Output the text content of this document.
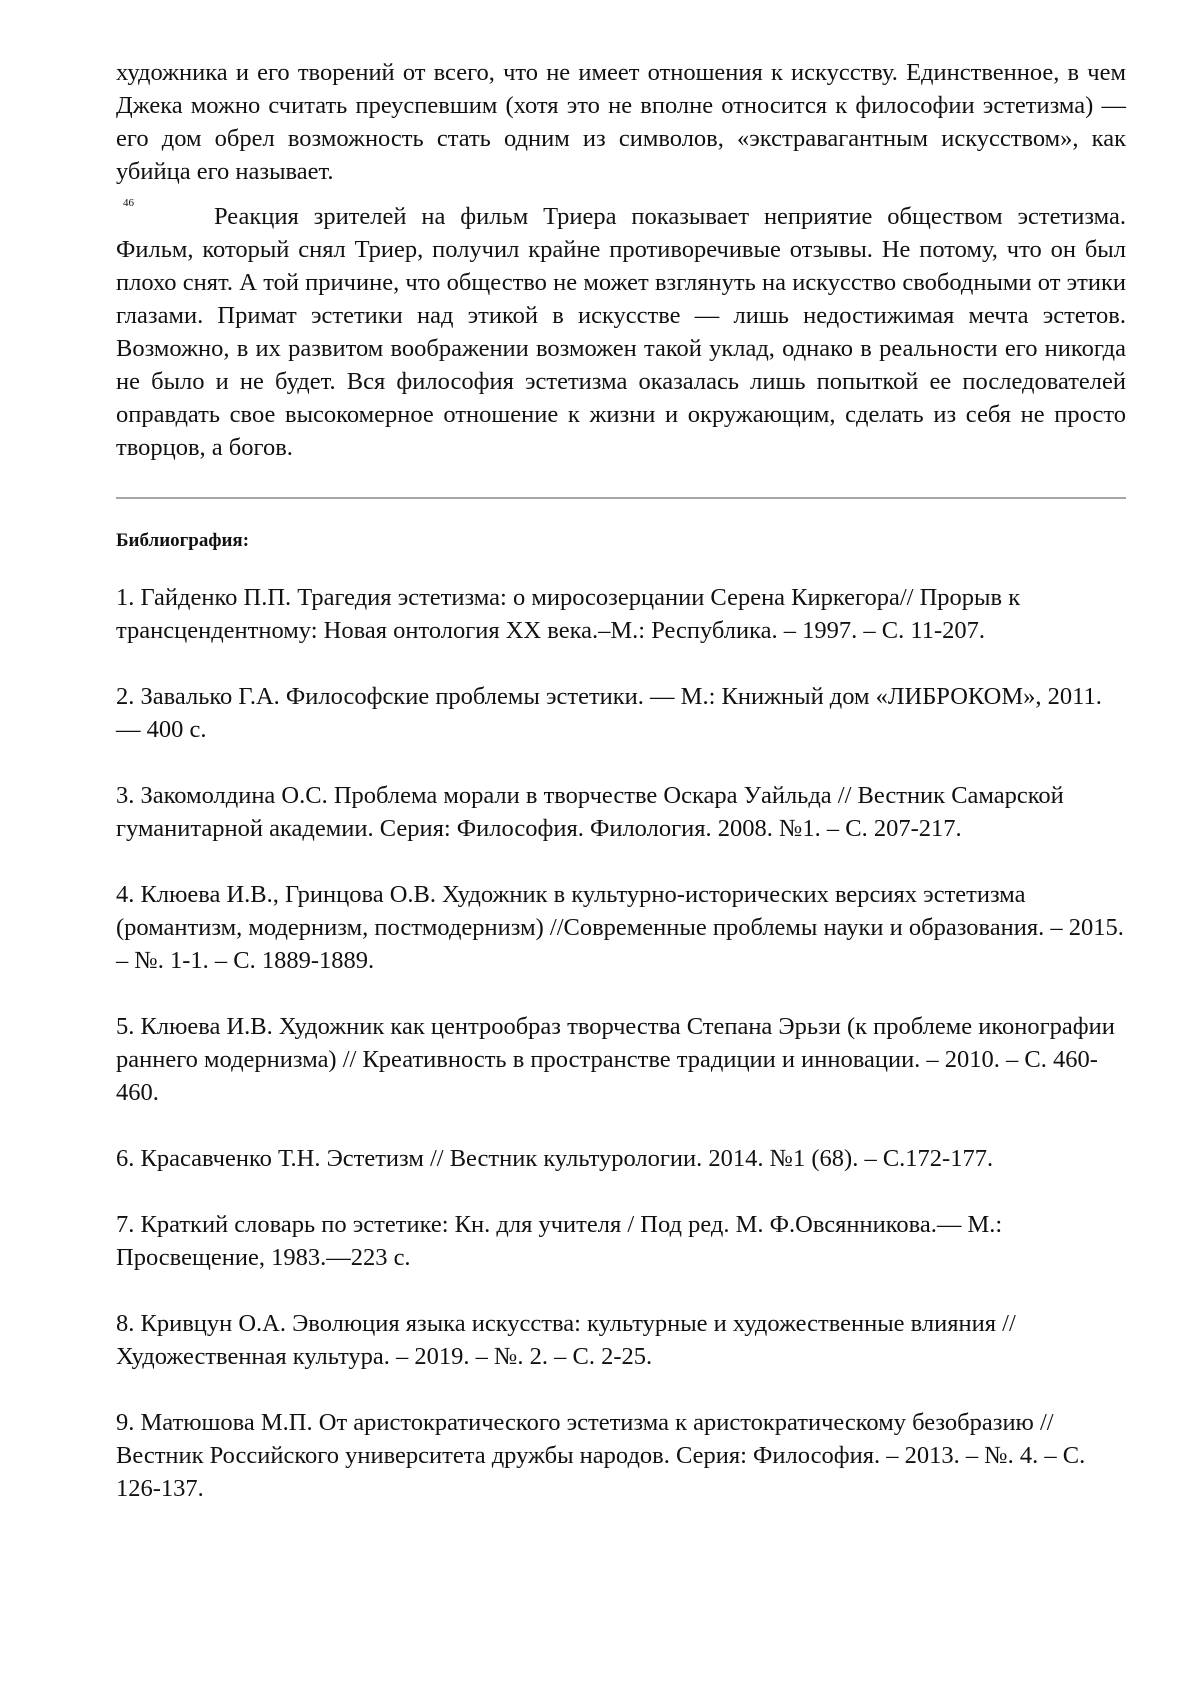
художника и его творений от всего, что не имеет отношения к искусству. Единственное, в чем Джека можно считать преуспевшим (хотя это не вполне относится к философии эстетизма) — его дом обрел возможность стать одним из символов, «экстравагантным искусством», как убийца его называет.

46	Реакция зрителей на фильм Триера показывает неприятие обществом эстетизма. Фильм, который снял Триер, получил крайне противоречивые отзывы. Не потому, что он был плохо снят. А той причине, что общество не может взглянуть на искусство свободными от этики глазами. Примат эстетики над этикой в искусстве — лишь недостижимая мечта эстетов. Возможно, в их развитом воображении возможен такой уклад, однако в реальности его никогда не было и не будет. Вся философия эстетизма оказалась лишь попыткой ее последователей оправдать свое высокомерное отношение к жизни и окружающим, сделать из себя не просто творцов, а богов.

Библиография:
1. Гайденко П.П. Трагедия эстетизма: о миросозерцании Серена Киркегора// Прорыв к трансцендентному: Новая онтология XX века.–М.: Республика. – 1997. – С. 11-207.
2. Завалько Г.А. Философские проблемы эстетики. — М.: Книжный дом «ЛИБРОКОМ», 2011. — 400 с.
3. Закомолдина О.С. Проблема морали в творчестве Оскара Уайльда // Вестник Самарской гуманитарной академии. Серия: Философия. Филология. 2008. №1. – С. 207-217.
4. Клюева И.В., Гринцова О.В. Художник в культурно-исторических версиях эстетизма (романтизм, модернизм, постмодернизм) //Современные проблемы науки и образования. – 2015. – №. 1-1. – С. 1889-1889.
5. Клюева И.В. Художник как центрообраз творчества Степана Эрьзи (к проблеме иконографии раннего модернизма) // Креативность в пространстве традиции и инновации. – 2010. – С. 460-460.
6. Красавченко Т.Н. Эстетизм // Вестник культурологии. 2014. №1 (68). – С.172-177.
7. Краткий словарь по эстетике: Кн. для учителя / Под ред. М. Ф.Овсянникова.— М.: Просвещение, 1983.—223 с.
8. Кривцун О.А. Эволюция языка искусства: культурные и художественные влияния //Художественная культура. – 2019. – №. 2. – С. 2-25.
9. Матюшова М.П. От аристократического эстетизма к аристократическому безобразию //Вестник Российского университета дружбы народов. Серия: Философия. – 2013. – №. 4. – С. 126-137.
